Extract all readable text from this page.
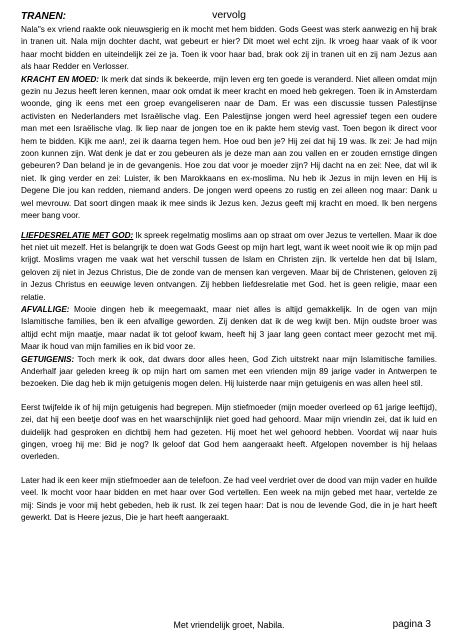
TRANEN:	vervolg

Nala"s ex vriend raakte ook nieuwsgierig en ik mocht met hem bidden. Gods Geest was sterk aanwezig en hij brak in tranen uit. Nala mijn dochter dacht, wat gebeurt er hier? Dit moet wel echt zijn. Ik vroeg haar vaak of ik voor haar mocht bidden en uiteindelijk zei ze ja. Toen ik voor haar bad, brak ook zij in tranen uit en zij nam Jezus aan als haar Redder en Verlosser.

KRACHT EN MOED: Ik merk dat sinds ik bekeerde, mijn leven erg ten goede is veranderd. Niet alleen omdat mijn gezin nu Jezus heeft leren kennen, maar ook omdat ik meer kracht en moed heb gekregen. Toen ik in Amsterdam woonde, ging ik eens met een groep evangeliseren naar de Dam. Er was een discussie tussen Palestijnse activisten en Nederlanders met Israëlische vlag. Een Palestijnse jongen werd heel agressief tegen een oudere man met een Israëlische vlag. Ik liep naar de jongen toe en ik pakte hem stevig vast. Toen begon ik direct voor hem te bidden. Kijk me aan!, zei ik daarna tegen hem. Hoe oud ben je? Hij zei dat hij 19 was. Ik zei: Je had mijn zoon kunnen zijn. Wat denk je dat er zou gebeuren als je deze man aan zou vallen en er zouden ernstige dingen gebeuren? Dan beland je in de gevangenis. Hoe zou dat voor je moeder zijn? Hij dacht na en zei: Nee, dat wil ik niet. Ik ging verder en zei: Luister, ik ben Marokkaans en ex-moslima. Nu heb ik Jezus in mijn leven en Hij is Degene Die jou kan redden, niemand anders. De jongen werd opeens zo rustig en zei alleen nog maar: Dank u wel mevrouw. Dat soort dingen maak ik mee sinds ik Jezus ken. Jezus geeft mij kracht en moed. Ik ben nergens meer bang voor.

LIEFDESRELATIE MET GOD: Ik spreek regelmatig moslims aan op straat om over Jezus te vertellen. Maar ik doe het niet uit mezelf. Het is belangrijk te doen wat Gods Geest op mijn hart legt, want ik weet nooit wie ik op mijn pad krijgt. Moslims vragen me vaak wat het verschil tussen de Islam en Christen zijn. Ik vertelde hen dat bij Islam, geloven zij niet in Jezus Christus, Die de zonde van de mensen kan vergeven. Maar bij de Christenen, geloven zij in Jezus Christus en eeuwige leven ontvangen. Zij hebben liefdesrelatie met God. het is geen religie, maar een relatie.

AFVALLIGE: Mooie dingen heb ik meegemaakt, maar niet alles is altijd gemakkelijk. In de ogen van mijn Islamitische families, ben ik een afvallige geworden. Zij denken dat ik de weg kwijt ben. Mijn oudste broer was altijd echt mijn maatje, maar nadat ik tot geloof kwam, heeft hij 3 jaar lang geen contact meer gezocht met mij. Maar ik houd van mijn families en ik bid voor ze.

GETUIGENIS: Toch merk ik ook, dat dwars door alles heen, God Zich uitstrekt naar mijn Islamitische families. Anderhalf jaar geleden kreeg ik op mijn hart om samen met een vrienden mijn 89 jarige vader in Antwerpen te bezoeken. Die dag heb ik mijn getuigenis mogen delen. Hij luisterde naar mijn getuigenis en was allen heel stil.

Eerst twijfelde ik of hij mijn getuigenis had begrepen. Mijn stiefmoeder (mijn moeder overleed op 61 jarige leeftijd), zei, dat hij een beetje doof was en het waarschijnlijk niet goed had gehoord. Maar mijn vriendin zei, dat ik luid en duidelijk had gesproken en dichtbij hem had gezeten. Hij moet het wel gehoord hebben. Voordat wij naar huis gingen, vroeg hij me: Bid je nog? Ik geloof dat God hem aangeraakt heeft. Afgelopen november is hij helaas overleden.

Later had ik een keer mijn stiefmoeder aan de telefoon. Ze had veel verdriet over de dood van mijn vader en huilde veel. Ik mocht voor haar bidden en met haar over God vertellen. Een week na mijn gebed met haar, vertelde ze mij: Sinds je voor mij hebt gebeden, heb ik rust. Ik zei tegen haar: Dat is nou de levende God, die in je hart heeft gewerkt. Dat is Heere jezus, Die je hart heeft aangeraakt.

Met vriendelijk groet, Nabila.	pagina 3
